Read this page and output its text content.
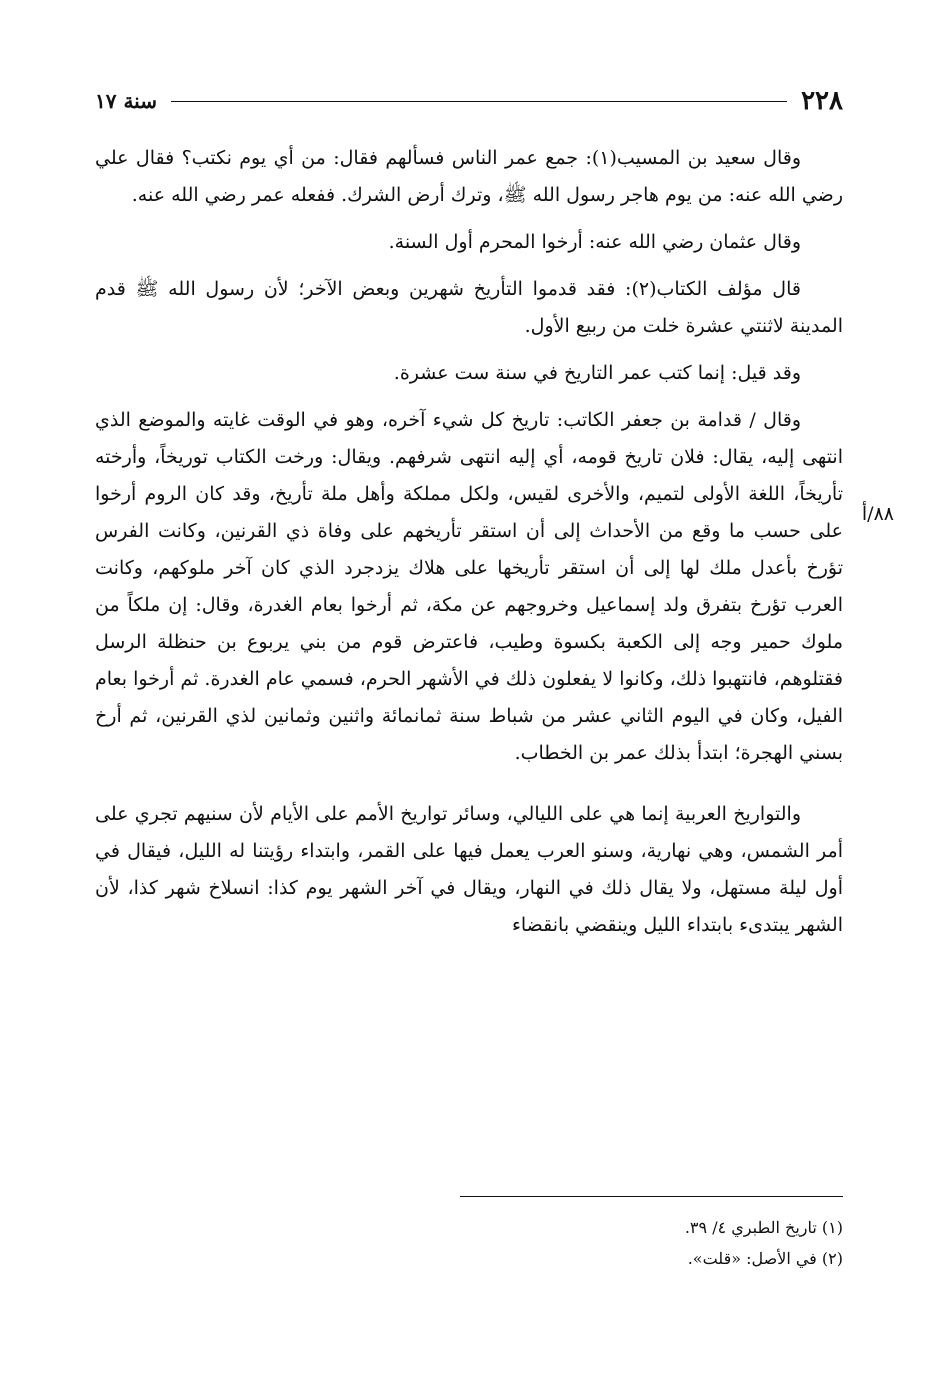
٢٢٨
سنة ١٧
٨٨/أ

وقال سعيد بن المسيب(١): جمع عمر الناس فسألهم فقال: من أي يوم نكتب؟ فقال علي رضي الله عنه: من يوم هاجر رسول الله ﷺ، وترك أرض الشرك. ففعله عمر رضي الله عنه.

وقال عثمان رضي الله عنه: أرخوا المحرم أول السنة.

قال مؤلف الكتاب(٢): فقد قدموا التأريخ شهرين وبعض الآخر؛ لأن رسول الله ﷺ قدم المدينة لاثنتي عشرة خلت من ربيع الأول.

وقد قيل: إنما كتب عمر التاريخ في سنة ست عشرة.

وقال / قدامة بن جعفر الكاتب: تاريخ كل شيء آخره، وهو في الوقت غايته والموضع الذي انتهى إليه، يقال: فلان تاريخ قومه، أي إليه انتهى شرفهم. ويقال: ورخت الكتاب توريخاً، وأرخته تأريخاً، اللغة الأولى لتميم، والأخرى لقيس، ولكل مملكة وأهل ملة تأريخ، وقد كان الروم أرخوا على حسب ما وقع من الأحداث إلى أن استقر تأريخهم على وفاة ذي القرنين، وكانت الفرس تؤرخ بأعدل ملك لها إلى أن استقر تأريخها على هلاك يزدجرد الذي كان آخر ملوكهم، وكانت العرب تؤرخ بتفرق ولد إسماعيل وخروجهم عن مكة، ثم أرخوا بعام الغدرة، وقال: إن ملكاً من ملوك حمير وجه إلى الكعبة بكسوة وطيب، فاعترض قوم من بني يربوع بن حنظلة الرسل فقتلوهم، فانتهبوا ذلك، وكانوا لا يفعلون ذلك في الأشهر الحرم، فسمي عام الغدرة. ثم أرخوا بعام الفيل، وكان في اليوم الثاني عشر من شباط سنة ثمانمائة واثنين وثمانين لذي القرنين، ثم أرخ بسني الهجرة؛ ابتدأ بذلك عمر بن الخطاب.

والتواريخ العربية إنما هي على الليالي، وسائر تواريخ الأمم على الأيام لأن سنيهم تجري على أمر الشمس، وهي نهارية، وسنو العرب يعمل فيها على القمر، وابتداء رؤيتنا له الليل، فيقال في أول ليلة مستهل، ولا يقال ذلك في النهار، ويقال في آخر الشهر يوم كذا: انسلاخ شهر كذا، لأن الشهر يبتدىء بابتداء الليل وينقضي بانقضاء

(١) تاريخ الطبري ٤/ ٣٩.

(٢) في الأصل: «قلت».
